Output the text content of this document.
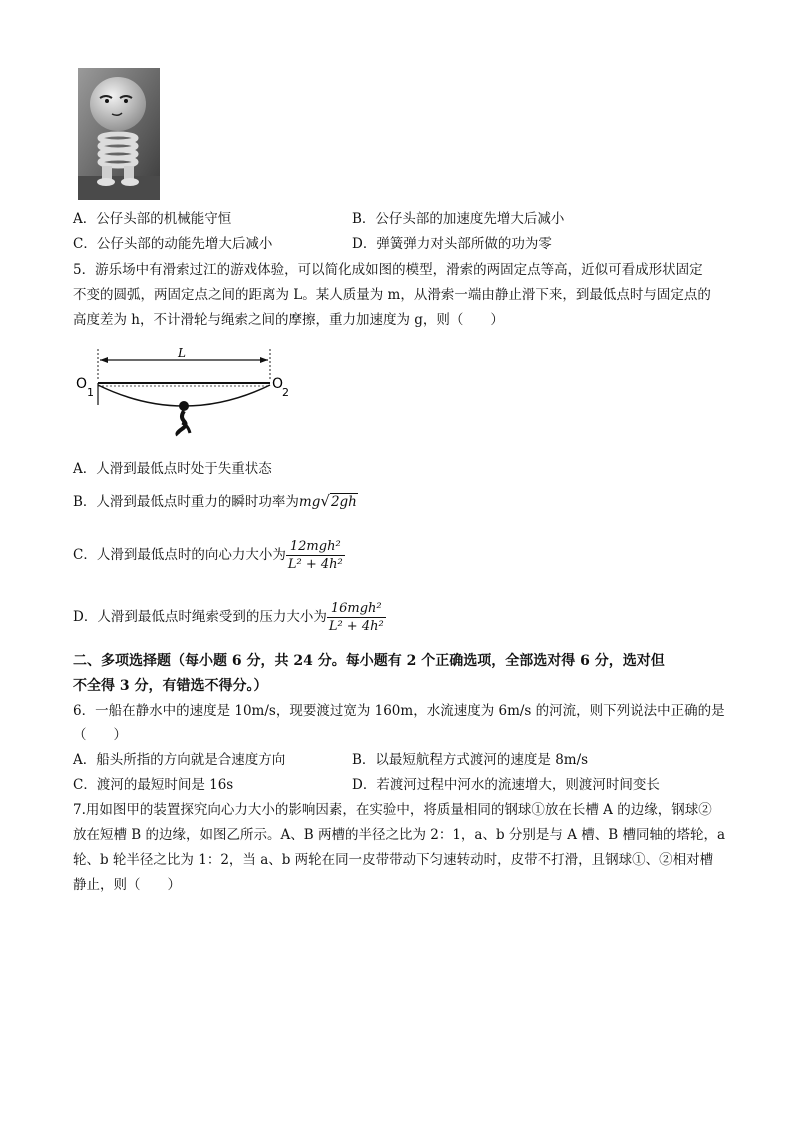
A．公仔头部的机械能守恒	B．公仔头部的加速度先增大后减小
C．公仔头部的动能先增大后减小	D．弹簧弹力对头部所做的功为零
5．游乐场中有滑索过江的游戏体验，可以简化成如图的模型，滑索的两固定点等高，近似可看成形状固定
不变的圆弧，两固定点之间的距离为 L。某人质量为 m，从滑索一端由静止滑下来，到最低点时与固定点的
高度差为 h，不计滑轮与绳索之间的摩擦，重力加速度为 g，则（　　）
L
O
1
O
2
A．人滑到最低点时处于失重状态
B．人滑到最低点时重力的瞬时功率为mg√2gh
C．人滑到最低点时的向心力大小为 $\frac{\text{12mgh²}}{\text{L² + 4h²}}$
D．人滑到最低点时绳索受到的压力大小为 $\frac{\text{16mgh²}}{\text{L² + 4h²}}$
二、多项选择题（每小题 6 分，共 24 分。每小题有 2 个正确选项，全部选对得 6 分，选对但
不全得 3 分，有错选不得分。）
6．一船在静水中的速度是 10m/s，现要渡过宽为 160m，水流速度为 6m/s 的河流，则下列说法中正确的是
（　　）
A．船头所指的方向就是合速度方向	B．以最短航程方式渡河的速度是 8m/s
C．渡河的最短时间是 16s	D．若渡河过程中河水的流速增大，则渡河时间变长
7.用如图甲的装置探究向心力大小的影响因素，在实验中，将质量相同的钢球①放在长槽 A 的边缘，钢球②
放在短槽 B 的边缘，如图乙所示。A、B 两槽的半径之比为 2：1，a、b 分别是与 A 槽、B 槽同轴的塔轮，a
轮、b 轮半径之比为 1：2，当 a、b 两轮在同一皮带带动下匀速转动时，皮带不打滑，且钢球①、②相对槽
静止，则（　　）
